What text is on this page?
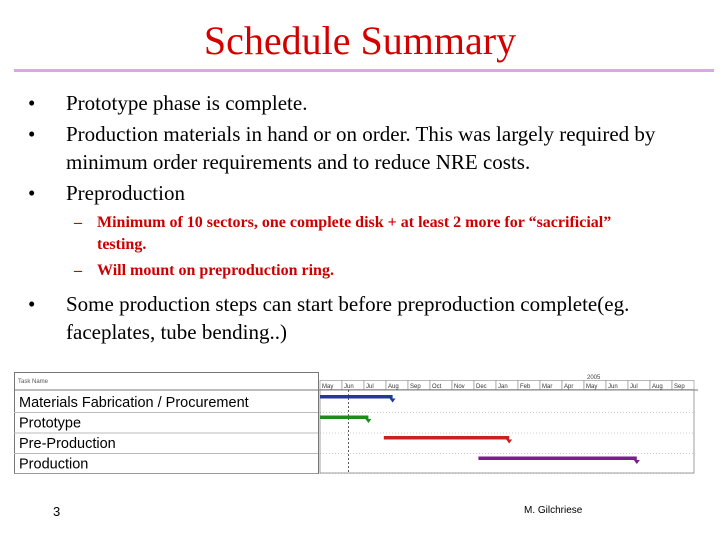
Schedule Summary
• Prototype phase is complete.
• Production materials in hand or on order. This was largely required by minimum order requirements and to reduce NRE costs.
• Preproduction
– Minimum of 10 sectors, one complete disk + at least 2 more for “sacrificial” testing.
– Will mount on preproduction ring.
• Some production steps can start before preproduction complete(eg. faceplates, tube bending..)
Task Name
Materials Fabrication / Procurement
Prototype
Pre-Production
Production
2005
May Jun Jul Aug Sep Oct Nov Dec Jan Feb Mar Apr May Jun Jul Aug Sep
3	M. Gilchriese
